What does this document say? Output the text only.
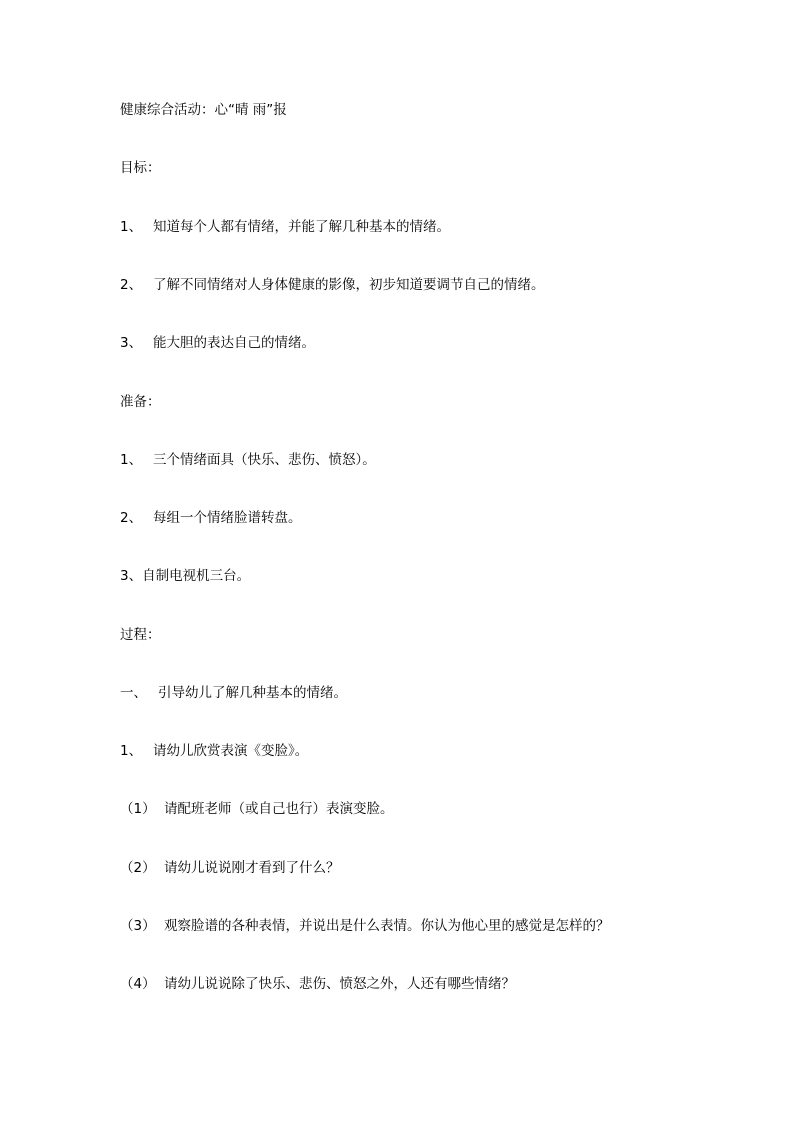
健康综合活动：心“晴 雨”报
目标：
1、 知道每个人都有情绪，并能了解几种基本的情绪。
2、 了解不同情绪对人身体健康的影像，初步知道要调节自己的情绪。
3、 能大胆的表达自己的情绪。
准备：
1、 三个情绪面具（快乐、悲伤、愤怒）。
2、 每组一个情绪脸谱转盘。
3、自制电视机三台。
过程：
一、 引导幼儿了解几种基本的情绪。
1、 请幼儿欣赏表演《变脸》。
（1） 请配班老师（或自己也行）表演变脸。
（2） 请幼儿说说刚才看到了什么？
（3） 观察脸谱的各种表情，并说出是什么表情。你认为他心里的感觉是怎样的？
（4） 请幼儿说说除了快乐、悲伤、愤怒之外，人还有哪些情绪？
